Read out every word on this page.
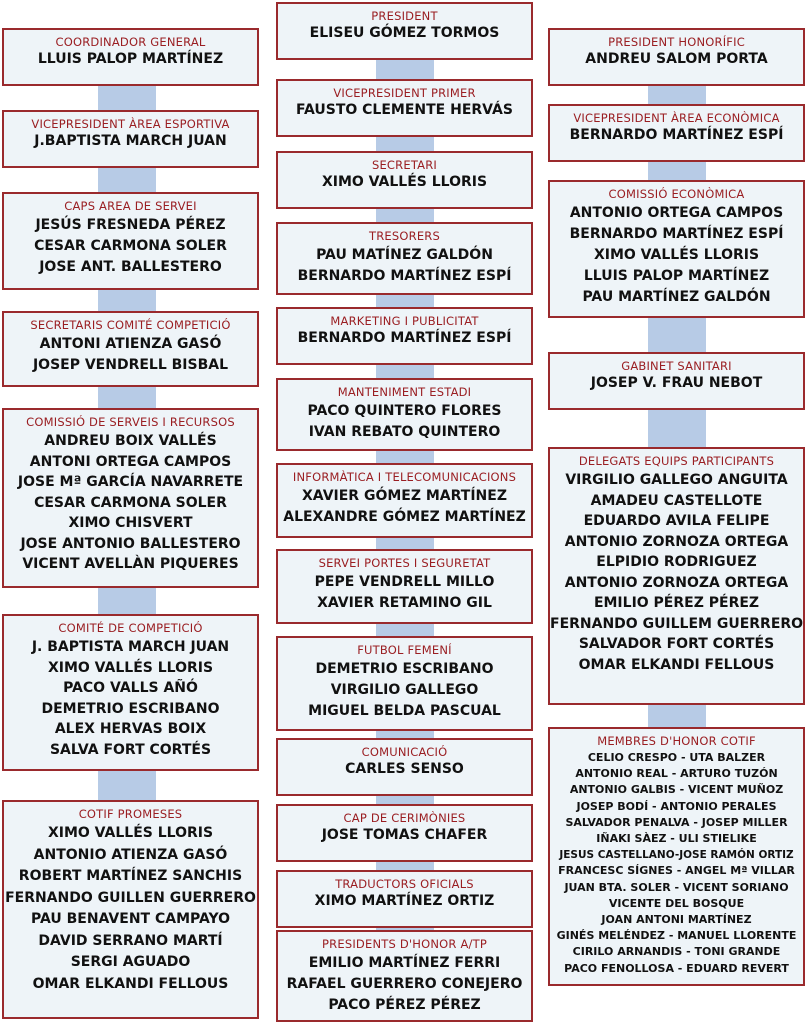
PRESIDENT
ELISEU GÓMEZ TORMOS
COORDINADOR GENERAL
LLUIS PALOP MARTÍNEZ
PRESIDENT HONORÍFIC
ANDREU SALOM PORTA
VICEPRESIDENT PRIMER
FAUSTO CLEMENTE HERVÁS
VICEPRESIDENT ÀREA ESPORTIVA
J.BAPTISTA MARCH JUAN
VICEPRESIDENT ÀREA ECONÒMICA
BERNARDO MARTÍNEZ ESPÍ
SECRETARI
XIMO VALLÉS LLORIS
CAPS AREA DE SERVEI
JESÚS FRESNEDA PÉREZ
CESAR CARMONA SOLER
JOSE ANT. BALLESTERO
COMISSIÓ ECONÒMICA
ANTONIO ORTEGA CAMPOS
BERNARDO MARTÍNEZ ESPÍ
XIMO VALLÉS LLORIS
LLUIS PALOP MARTÍNEZ
PAU MARTÍNEZ GALDÓN
TRESORERS
PAU MATÍNEZ GALDÓN
BERNARDO MARTÍNEZ ESPÍ
MARKETING I PUBLICITAT
BERNARDO MARTÍNEZ ESPÍ
SECRETARIS COMITÉ COMPETICIÓ
ANTONI ATIENZA GASÓ
JOSEP VENDRELL BISBAL	GABINET SANITARI
JOSEP V. FRAU NEBOT
MANTENIMENT ESTADI
PACO QUINTERO FLORES
IVAN REBATO QUINTERO
COMISSIÓ DE SERVEIS I RECURSOS
ANDREU BOIX VALLÉS
ANTONI ORTEGA CAMPOS
JOSE Mª GARCÍA NAVARRETE
CESAR CARMONA SOLER
XIMO CHISVERT
JOSE ANTONIO BALLESTERO
VICENT AVELLÀN PIQUERES
DELEGATS EQUIPS PARTICIPANTS
VIRGILIO GALLEGO ANGUITA
AMADEU CASTELLOTE
EDUARDO AVILA FELIPE
ANTONIO ZORNOZA ORTEGA
ELPIDIO RODRIGUEZ
ANTONIO ZORNOZA ORTEGA
EMILIO PÉREZ PÉREZ
FERNANDO GUILLEM GUERRERO
SALVADOR FORT CORTÉS
OMAR ELKANDI FELLOUS
INFORMÀTICA I TELECOMUNICACIONS
XAVIER GÓMEZ MARTÍNEZ
ALEXANDRE GÓMEZ MARTÍNEZ
SERVEI PORTES I SEGURETAT
PEPE VENDRELL MILLO
XAVIER RETAMINO GIL
COMITÉ DE COMPETICIÓ
J. BAPTISTA MARCH JUAN
XIMO VALLÉS LLORIS
PACO VALLS AÑÓ
DEMETRIO ESCRIBANO
ALEX HERVAS BOIX
SALVA FORT CORTÉS
FUTBOL FEMENÍ
DEMETRIO ESCRIBANO
VIRGILIO GALLEGO
MIGUEL BELDA PASCUAL
MEMBRES D'HONOR COTIF
CELIO CRESPO - UTA BALZER
ANTONIO REAL - ARTURO TUZÓN
ANTONIO GALBIS - VICENT MUÑOZ
JOSEP BODÍ - ANTONIO PERALES
SALVADOR PENALVA - JOSEP MILLER
IÑAKI SÀEZ - ULI STIELIKE
JESUS CASTELLANO-JOSE RAMÓN ORTIZ
FRANCESC SÍGNES - ANGEL Mª VILLAR
JUAN BTA. SOLER - VICENT SORIANO
VICENTE DEL BOSQUE
JOAN ANTONI MARTÍNEZ
GINÉS MELÉNDEZ - MANUEL LLORENTE
CIRILO ARNANDIS - TONI GRANDE
PACO FENOLLOSA - EDUARD REVERT
COMUNICACIÓ
CARLES SENSO
COTIF PROMESES
XIMO VALLÉS LLORIS
ANTONIO ATIENZA GASÓ
ROBERT MARTÍNEZ SANCHIS
FERNANDO GUILLEN GUERRERO
PAU BENAVENT CAMPAYO
DAVID SERRANO MARTÍ
SERGI AGUADO
OMAR ELKANDI FELLOUS
CAP DE CERIMÒNIES
JOSE TOMAS CHAFER
TRADUCTORS OFICIALS
XIMO MARTÍNEZ ORTIZ
PRESIDENTS D'HONOR A/TP
EMILIO MARTÍNEZ FERRI
RAFAEL GUERRERO CONEJERO
PACO PÉREZ PÉREZ
